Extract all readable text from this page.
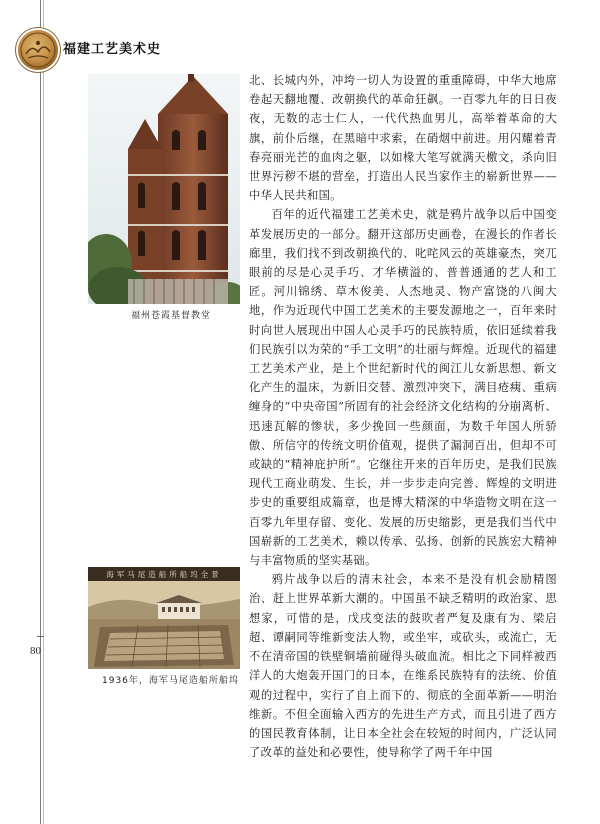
福建工艺美术史
福州苍霞基督教堂
海军马尾造船所船坞全景
1936年，海军马尾造船所船坞
80

北、长城内外，冲垮一切人为设置的重重障碍，中华大地席卷起天翻地覆、改朝换代的革命狂飙。一百零九年的日日夜夜，无数的志士仁人，一代代热血男儿，高举着革命的大旗，前仆后继，在黑暗中求索，在硝烟中前进。用闪耀着青春亮丽光芒的血肉之躯，以如椽大笔写就满天檄文，杀向旧世界污秽不堪的营垒，打造出人民当家作主的崭新世界——中华人民共和国。

百年的近代福建工艺美术史，就是鸦片战争以后中国变革发展历史的一部分。翻开这部历史画卷，在漫长的作者长廊里，我们找不到改朝换代的、叱咤风云的英雄豪杰，突兀眼前的尽是心灵手巧、才华横溢的、普普通通的艺人和工匠。河川锦绣、草木俊美、人杰地灵、物产富饶的八闽大地，作为近现代中国工艺美术的主要发源地之一，百年来时时向世人展现出中国人心灵手巧的民族特质，依旧延续着我们民族引以为荣的“手工文明”的壮丽与辉煌。近现代的福建工艺美术产业，是上个世纪新时代的闽江儿女新思想、新文化产生的温床，为新旧交替、激烈冲突下，满目疮痍、重病缠身的“中央帝国”所固有的社会经济文化结构的分崩离析、迅速瓦解的惨状，多少挽回一些颜面，为数千年国人所骄傲、所信守的传统文明价值观，提供了漏洞百出，但却不可或缺的“精神庇护所”。它继往开来的百年历史，是我们民族现代工商业萌发、生长，并一步步走向完善、辉煌的文明进步史的重要组成篇章，也是博大精深的中华造物文明在这一百零九年里存留、变化、发展的历史缩影，更是我们当代中国崭新的工艺美术，赖以传承、弘扬、创新的民族宏大精神与丰富物质的坚实基础。

鸦片战争以后的清末社会，本来不是没有机会励精图治、赶上世界革新大潮的。中国虽不缺乏精明的政治家、思想家，可惜的是，戊戌变法的鼓吹者严复及康有为、梁启超、谭嗣同等维新变法人物，或坐牢，或砍头，或流亡，无不在清帝国的铁壁铜墙前碰得头破血流。相比之下同样被西洋人的大炮轰开国门的日本，在维系民族特有的法统、价值观的过程中，实行了自上而下的、彻底的全面革新——明治维新。不但全面输入西方的先进生产方式，而且引进了西方的国民教育体制，让日本全社会在较短的时间内，广泛认同了改革的益处和必要性，使导称学了两千年中国
